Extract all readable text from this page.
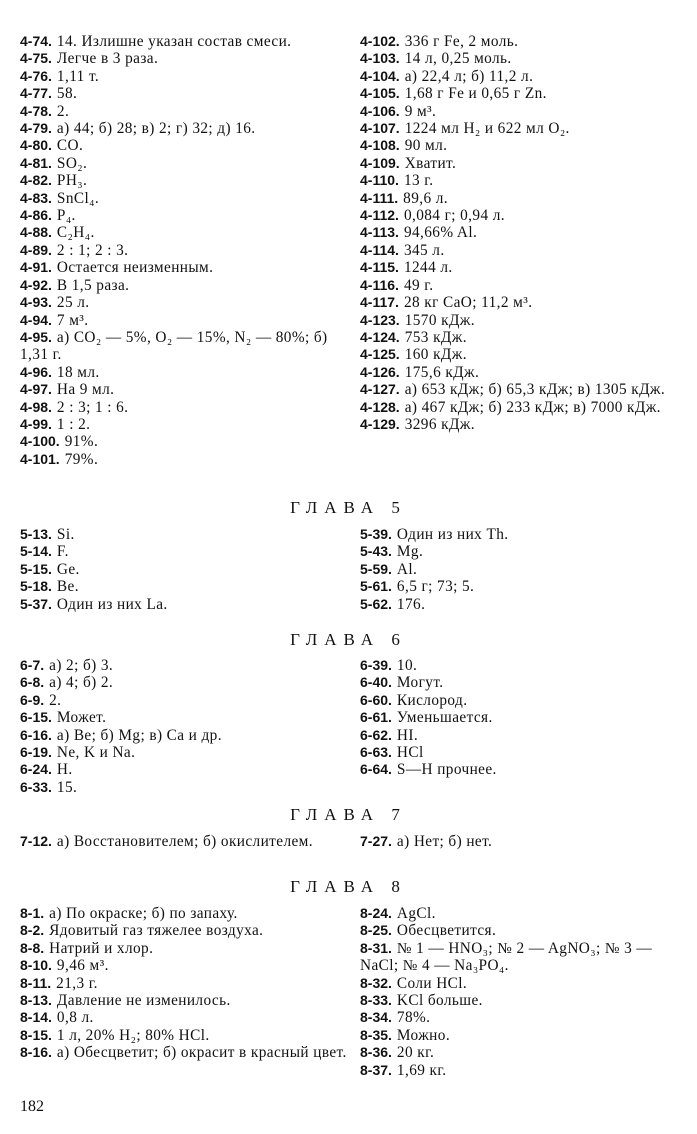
4-74. 14. Излишне указан состав смеси.
4-75. Легче в 3 раза.
4-76. 1,11 т.
4-77. 58.
4-78. 2.
4-79. а) 44; б) 28; в) 2; г) 32; д) 16.
4-80. CO.
4-81. SO₂.
4-82. PH₃.
4-83. SnCl₄.
4-86. P₄.
4-88. C₂H₄.
4-89. 2 : 1; 2 : 3.
4-91. Остается неизменным.
4-92. В 1,5 раза.
4-93. 25 л.
4-94. 7 м³.
4-95. а) CO₂ — 5%, O₂ — 15%, N₂ — 80%; б) 1,31 г.
4-96. 18 мл.
4-97. На 9 мл.
4-98. 2 : 3; 1 : 6.
4-99. 1 : 2.
4-100. 91%.
4-101. 79%.
4-102. 336 г Fe, 2 моль.
4-103. 14 л, 0,25 моль.
4-104. а) 22,4 л; б) 11,2 л.
4-105. 1,68 г Fe и 0,65 г Zn.
4-106. 9 м³.
4-107. 1224 мл H₂ и 622 мл O₂.
4-108. 90 мл.
4-109. Хватит.
4-110. 13 г.
4-111. 89,6 л.
4-112. 0,084 г; 0,94 л.
4-113. 94,66% Al.
4-114. 345 л.
4-115. 1244 л.
4-116. 49 г.
4-117. 28 кг CaO; 11,2 м³.
4-123. 1570 кДж.
4-124. 753 кДж.
4-125. 160 кДж.
4-126. 175,6 кДж.
4-127. а) 653 кДж; б) 65,3 кДж; в) 1305 кДж.
4-128. а) 467 кДж; б) 233 кДж; в) 7000 кДж.
4-129. 3296 кДж.
ГЛАВА 5
5-13. Si.
5-14. F.
5-15. Ge.
5-18. Be.
5-37. Один из них La.
5-39. Один из них Th.
5-43. Mg.
5-59. Al.
5-61. 6,5 г; 73; 5.
5-62. 176.
ГЛАВА 6
6-7. а) 2; б) 3.
6-8. а) 4; б) 2.
6-9. 2.
6-15. Может.
6-16. а) Be; б) Mg; в) Ca и др.
6-19. Ne, K и Na.
6-24. H.
6-33. 15.
6-39. 10.
6-40. Могут.
6-60. Кислород.
6-61. Уменьшается.
6-62. HI.
6-63. HCl
6-64. S—H прочнее.
ГЛАВА 7
7-12. а) Восстановителем; б) окислителем.	7-27. а) Нет; б) нет.
ГЛАВА 8
8-1. а) По окраске; б) по запаху.
8-2. Ядовитый газ тяжелее воздуха.
8-8. Натрий и хлор.
8-10. 9,46 м³.
8-11. 21,3 г.
8-13. Давление не изменилось.
8-14. 0,8 л.
8-15. 1 л, 20% H₂; 80% HCl.
8-16. а) Обесцветит; б) окрасит в красный цвет.
8-24. AgCl.
8-25. Обесцветится.
8-31. № 1 — HNO₃; № 2 — AgNO₃; № 3 — NaCl; № 4 — Na₃PO₄.
8-32. Соли HCl.
8-33. KCl больше.
8-34. 78%.
8-35. Можно.
8-36. 20 кг.
8-37. 1,69 кг.
182
